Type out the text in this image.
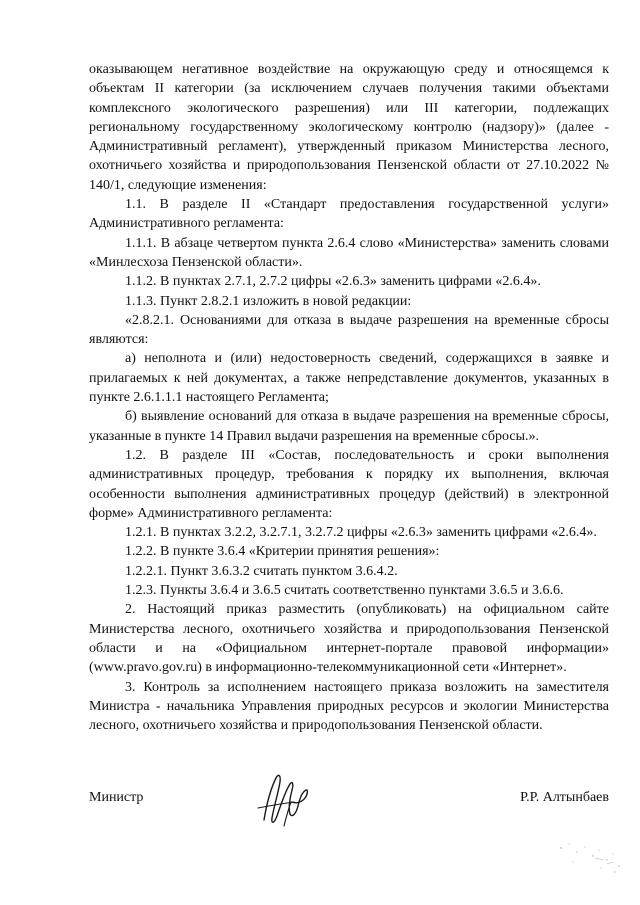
оказывающем негативное воздействие на окружающую среду и относящемся к объектам II категории (за исключением случаев получения такими объектами комплексного экологического разрешения) или III категории, подлежащих региональному государственному экологическому контролю (надзору)» (далее - Административный регламент), утвержденный приказом Министерства лесного, охотничьего хозяйства и природопользования Пензенской области от 27.10.2022 № 140/1, следующие изменения:

1.1. В разделе II «Стандарт предоставления государственной услуги» Административного регламента:

1.1.1. В абзаце четвертом пункта 2.6.4 слово «Министерства» заменить словами «Минлесхоза Пензенской области».

1.1.2. В пунктах 2.7.1, 2.7.2 цифры «2.6.3» заменить цифрами «2.6.4».

1.1.3. Пункт 2.8.2.1 изложить в новой редакции:

«2.8.2.1. Основаниями для отказа в выдаче разрешения на временные сбросы являются:

а) неполнота и (или) недостоверность сведений, содержащихся в заявке и прилагаемых к ней документах, а также непредставление документов, указанных в пункте 2.6.1.1.1 настоящего Регламента;

б) выявление оснований для отказа в выдаче разрешения на временные сбросы, указанные в пункте 14 Правил выдачи разрешения на временные сбросы.».

1.2. В разделе III «Состав, последовательность и сроки выполнения административных процедур, требования к порядку их выполнения, включая особенности выполнения административных процедур (действий) в электронной форме» Административного регламента:

1.2.1. В пунктах 3.2.2, 3.2.7.1, 3.2.7.2 цифры «2.6.3» заменить цифрами «2.6.4».

1.2.2. В пункте 3.6.4 «Критерии принятия решения»:

1.2.2.1. Пункт 3.6.3.2 считать пунктом 3.6.4.2.

1.2.3. Пункты 3.6.4 и 3.6.5 считать соответственно пунктами 3.6.5 и 3.6.6.

2. Настоящий приказ разместить (опубликовать) на официальном сайте Министерства лесного, охотничьего хозяйства и природопользования Пензенской области и на «Официальном интернет-портале правовой информации» (www.pravo.gov.ru) в информационно-телекоммуникационной сети «Интернет».

3. Контроль за исполнением настоящего приказа возложить на заместителя Министра - начальника Управления природных ресурсов и экологии Министерства лесного, охотничьего хозяйства и природопользования Пензенской области.

Министр	Р.Р. Алтынбаев
